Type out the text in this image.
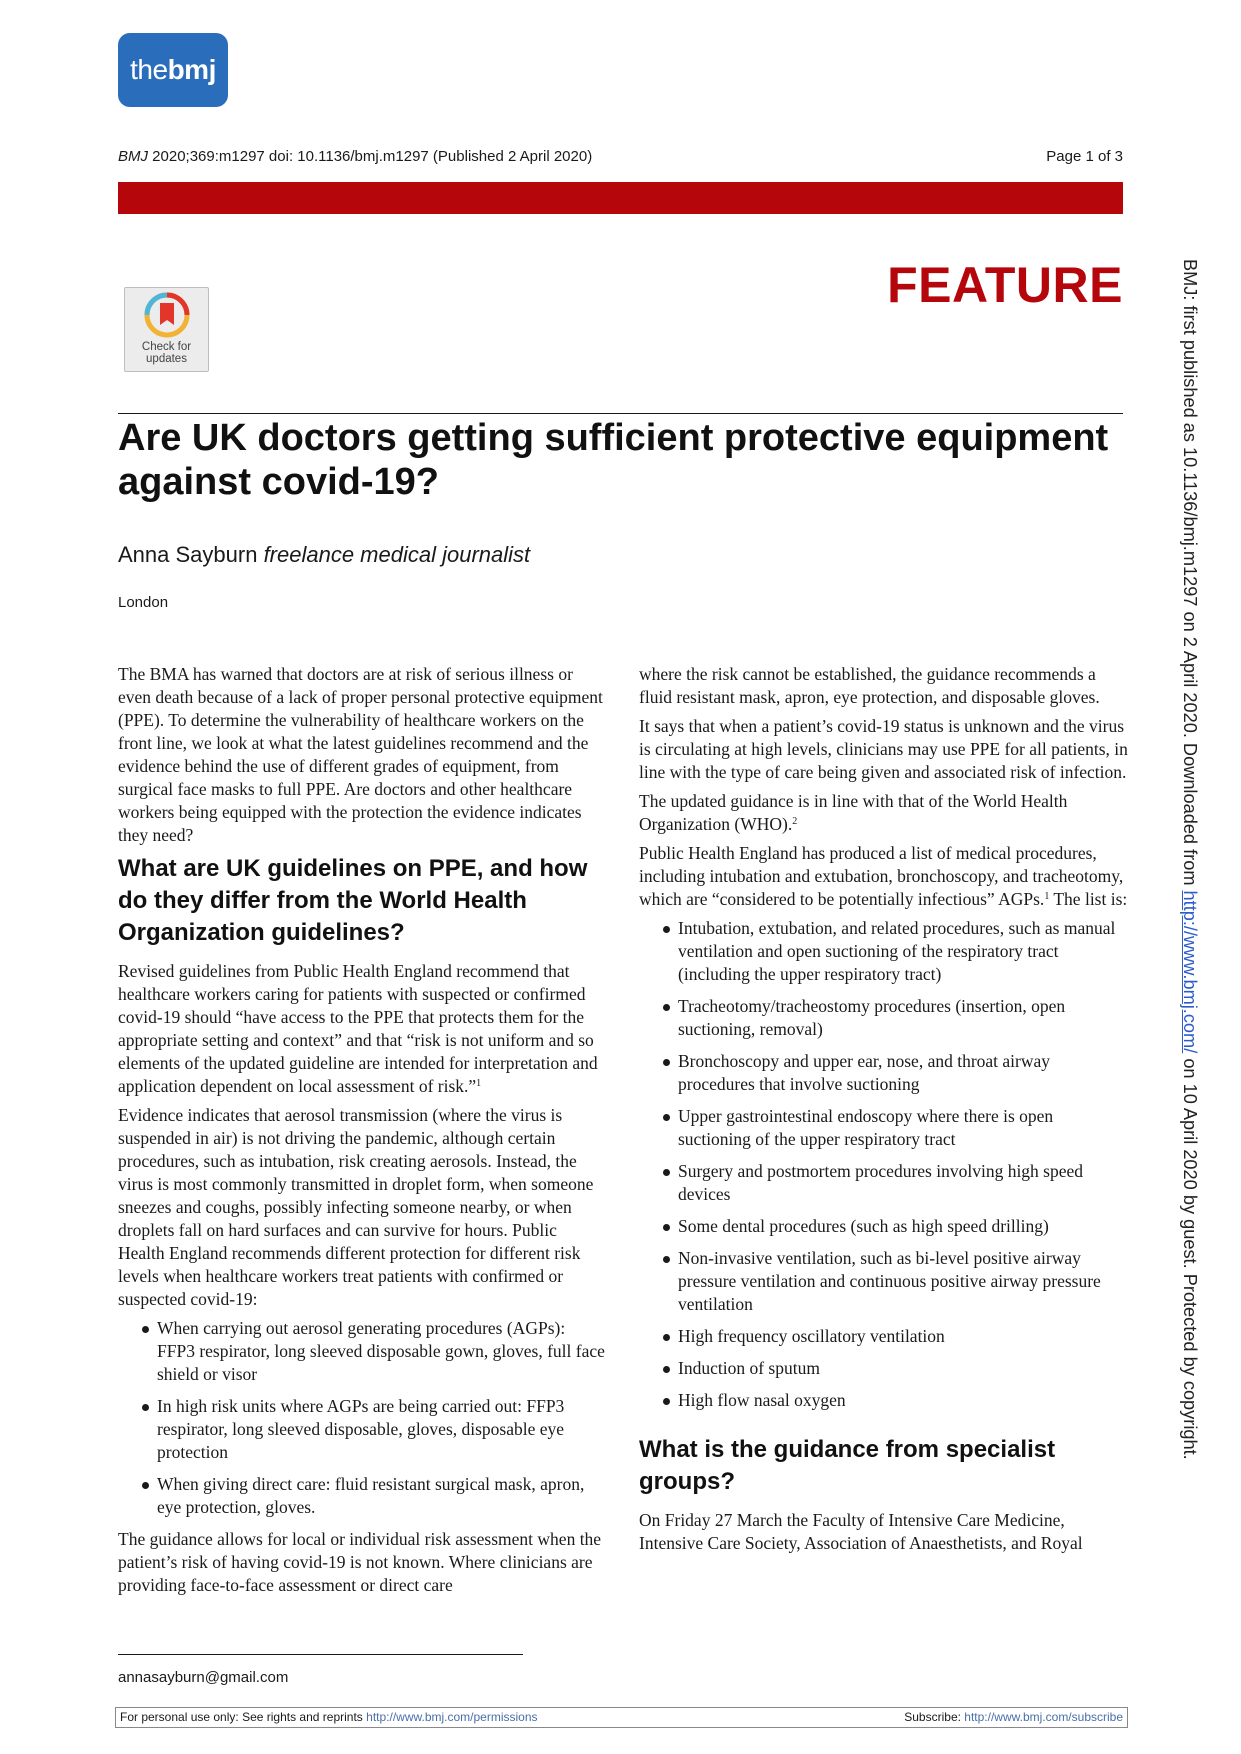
the bmj
BMJ 2020;369:m1297 doi: 10.1136/bmj.m1297 (Published 2 April 2020)	Page 1 of 3
FEATURE
Check for
updates
Are UK doctors getting sufficient protective equipment against covid-19?
Anna Sayburn freelance medical journalist
London

The BMA has warned that doctors are at risk of serious illness or even death because of a lack of proper personal protective equipment (PPE). To determine the vulnerability of healthcare workers on the front line, we look at what the latest guidelines recommend and the evidence behind the use of different grades of equipment, from surgical face masks to full PPE. Are doctors and other healthcare workers being equipped with the protection the evidence indicates they need?

What are UK guidelines on PPE, and how do they differ from the World Health Organization guidelines?

Revised guidelines from Public Health England recommend that healthcare workers caring for patients with suspected or confirmed covid-19 should “have access to the PPE that protects them for the appropriate setting and context” and that “risk is not uniform and so elements of the updated guideline are intended for interpretation and application dependent on local assessment of risk.”$^1$

Evidence indicates that aerosol transmission (where the virus is suspended in air) is not driving the pandemic, although certain procedures, such as intubation, risk creating aerosols. Instead, the virus is most commonly transmitted in droplet form, when someone sneezes and coughs, possibly infecting someone nearby, or when droplets fall on hard surfaces and can survive for hours. Public Health England recommends different protection for different risk levels when healthcare workers treat patients with confirmed or suspected covid-19:

When carrying out aerosol generating procedures (AGPs): FFP3 respirator, long sleeved disposable gown, gloves, full face shield or visor
In high risk units where AGPs are being carried out: FFP3 respirator, long sleeved disposable, gloves, disposable eye protection
When giving direct care: fluid resistant surgical mask, apron, eye protection, gloves.

The guidance allows for local or individual risk assessment when the patient’s risk of having covid-19 is not known. Where clinicians are providing face-to-face assessment or direct care

where the risk cannot be established, the guidance recommends a fluid resistant mask, apron, eye protection, and disposable gloves.

It says that when a patient’s covid-19 status is unknown and the virus is circulating at high levels, clinicians may use PPE for all patients, in line with the type of care being given and associated risk of infection.

The updated guidance is in line with that of the World Health Organization (WHO).$^2$

Public Health England has produced a list of medical procedures, including intubation and extubation, bronchoscopy, and tracheotomy, which are “considered to be potentially infectious” AGPs.$^1$ The list is:

Intubation, extubation, and related procedures, such as manual ventilation and open suctioning of the respiratory tract (including the upper respiratory tract)
Tracheotomy/tracheostomy procedures (insertion, open suctioning, removal)
Bronchoscopy and upper ear, nose, and throat airway procedures that involve suctioning
Upper gastrointestinal endoscopy where there is open suctioning of the upper respiratory tract
Surgery and postmortem procedures involving high speed devices
Some dental procedures (such as high speed drilling)
Non-invasive ventilation, such as bi-level positive airway pressure ventilation and continuous positive airway pressure ventilation
High frequency oscillatory ventilation
Induction of sputum
High flow nasal oxygen
What is the guidance from specialist groups?

On Friday 27 March the Faculty of Intensive Care Medicine, Intensive Care Society, Association of Anaesthetists, and Royal

annasayburn@gmail.com
For personal use only: See rights and reprints http://www.bmj.com/permissions	Subscribe: http://www.bmj.com/subscribe
BMJ: first published as 10.1136/bmj.m1297 on 2 April 2020. Downloaded from http://www.bmj.com/ on 10 April 2020 by guest. Protected by copyright.
